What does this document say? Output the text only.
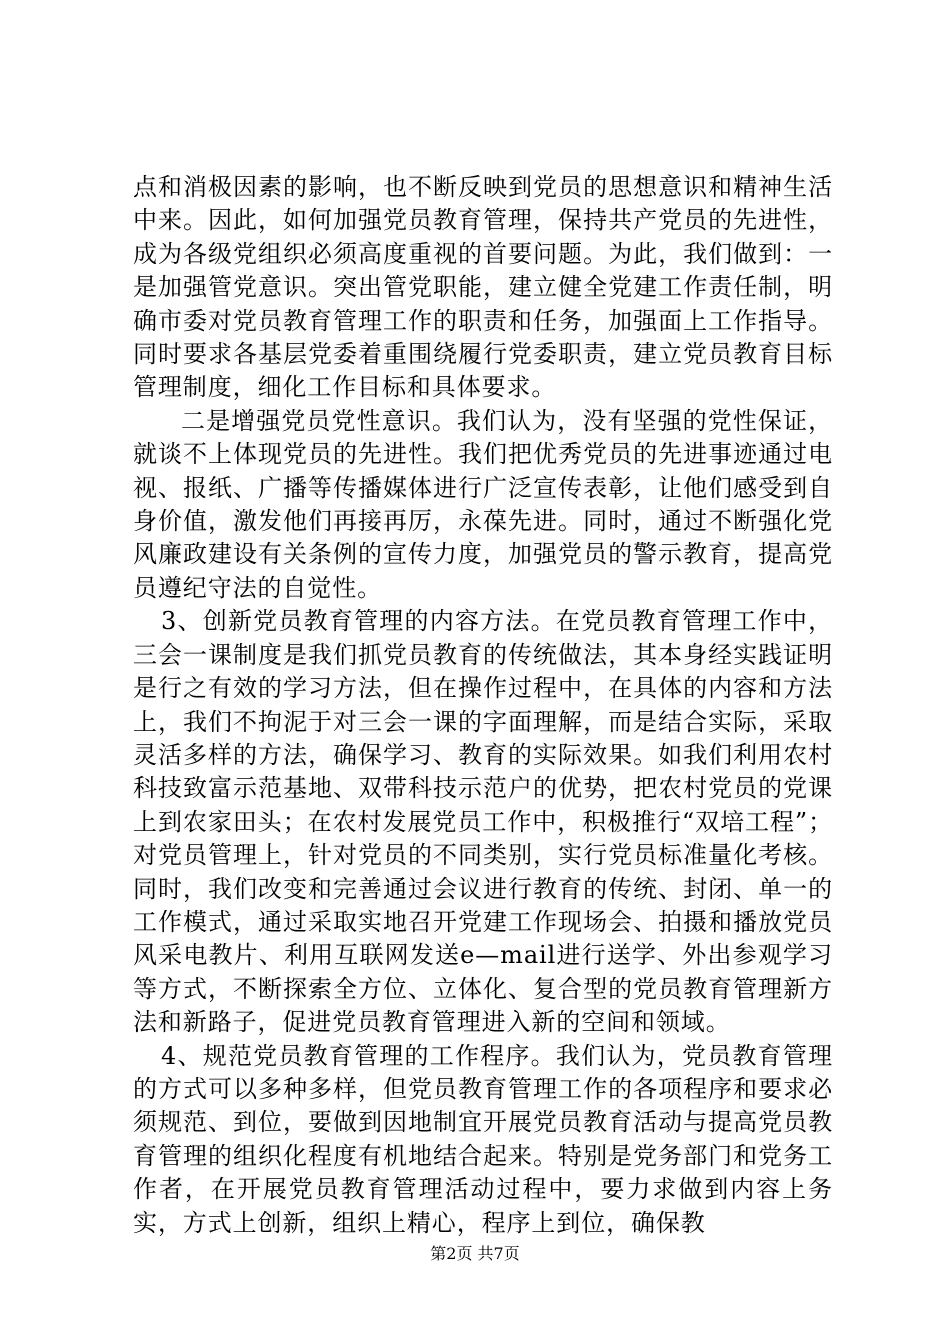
点和消极因素的影响，也不断反映到党员的思想意识和精神生活中来。因此，如何加强党员教育管理，保持共产党员的先进性，成为各级党组织必须高度重视的首要问题。为此，我们做到：一是加强管党意识。突出管党职能，建立健全党建工作责任制，明确市委对党员教育管理工作的职责和任务，加强面上工作指导。同时要求各基层党委着重围绕履行党委职责，建立党员教育目标管理制度，细化工作目标和具体要求。

二是增强党员党性意识。我们认为，没有坚强的党性保证，就谈不上体现党员的先进性。我们把优秀党员的先进事迹通过电视、报纸、广播等传播媒体进行广泛宣传表彰，让他们感受到自身价值，激发他们再接再厉，永葆先进。同时，通过不断强化党风廉政建设有关条例的宣传力度，加强党员的警示教育，提高党员遵纪守法的自觉性。

3、创新党员教育管理的内容方法。在党员教育管理工作中，三会一课制度是我们抓党员教育的传统做法，其本身经实践证明是行之有效的学习方法，但在操作过程中，在具体的内容和方法上，我们不拘泥于对三会一课的字面理解，而是结合实际，采取灵活多样的方法，确保学习、教育的实际效果。如我们利用农村科技致富示范基地、双带科技示范户的优势，把农村党员的党课上到农家田头；在农村发展党员工作中，积极推行“双培工程”；对党员管理上，针对党员的不同类别，实行党员标准量化考核。同时，我们改变和完善通过会议进行教育的传统、封闭、单一的工作模式，通过采取实地召开党建工作现场会、拍摄和播放党员风采电教片、利用互联网发送e—mail进行送学、外出参观学习等方式，不断探索全方位、立体化、复合型的党员教育管理新方法和新路子，促进党员教育管理进入新的空间和领域。

4、规范党员教育管理的工作程序。我们认为，党员教育管理的方式可以多种多样，但党员教育管理工作的各项程序和要求必须规范、到位，要做到因地制宜开展党员教育活动与提高党员教育管理的组织化程度有机地结合起来。特别是党务部门和党务工作者，在开展党员教育管理活动过程中，要力求做到内容上务实，方式上创新，组织上精心，程序上到位，确保教

第2页 共7页
